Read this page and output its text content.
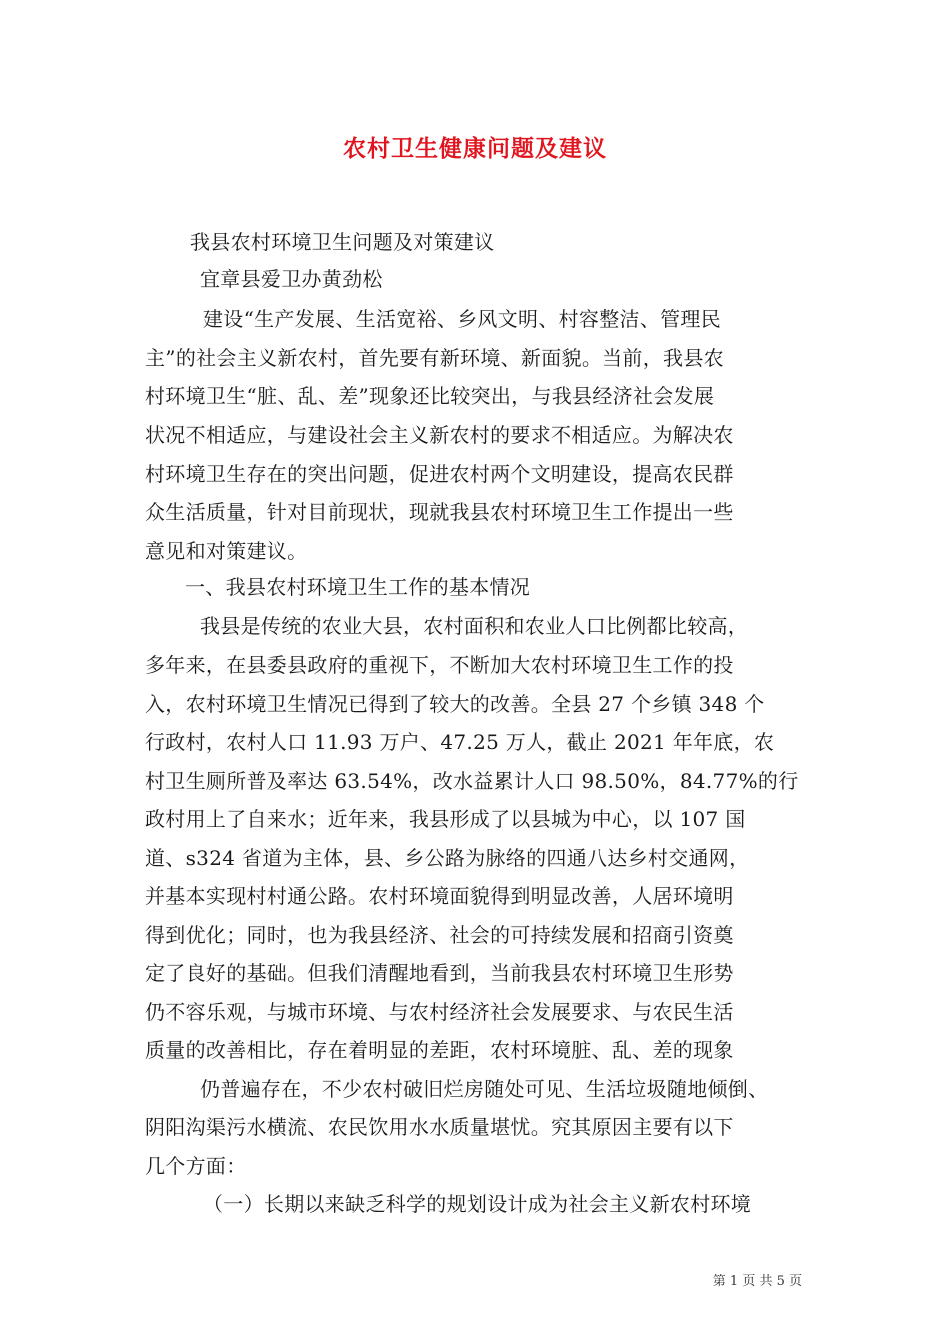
农村卫生健康问题及建议
我县农村环境卫生问题及对策建议
宜章县爱卫办黄劲松
建设“生产发展、生活宽裕、乡风文明、村容整洁、管理民
主”的社会主义新农村，首先要有新环境、新面貌。当前，我县农
村环境卫生“脏、乱、差”现象还比较突出，与我县经济社会发展
状况不相适应，与建设社会主义新农村的要求不相适应。为解决农
村环境卫生存在的突出问题，促进农村两个文明建设，提高农民群
众生活质量，针对目前现状，现就我县农村环境卫生工作提出一些
意见和对策建议。
一、我县农村环境卫生工作的基本情况
我县是传统的农业大县，农村面积和农业人口比例都比较高，
多年来，在县委县政府的重视下，不断加大农村环境卫生工作的投
入，农村环境卫生情况已得到了较大的改善。全县 27 个乡镇 348 个
行政村，农村人口 11.93 万户、47.25 万人，截止 2021 年年底，农
村卫生厕所普及率达 63.54%，改水益累计人口 98.50%，84.77%的行
政村用上了自来水；近年来，我县形成了以县城为中心，以 107 国
道、s324 省道为主体，县、乡公路为脉络的四通八达乡村交通网，
并基本实现村村通公路。农村环境面貌得到明显改善，人居环境明
得到优化；同时，也为我县经济、社会的可持续发展和招商引资奠
定了良好的基础。但我们清醒地看到，当前我县农村环境卫生形势
仍不容乐观，与城市环境、与农村经济社会发展要求、与农民生活
质量的改善相比，存在着明显的差距，农村环境脏、乱、差的现象
仍普遍存在，不少农村破旧烂房随处可见、生活垃圾随地倾倒、
阴阳沟渠污水横流、农民饮用水水质量堪忧。究其原因主要有以下
几个方面：
（一）长期以来缺乏科学的规划设计成为社会主义新农村环境
第 1 页 共 5 页
